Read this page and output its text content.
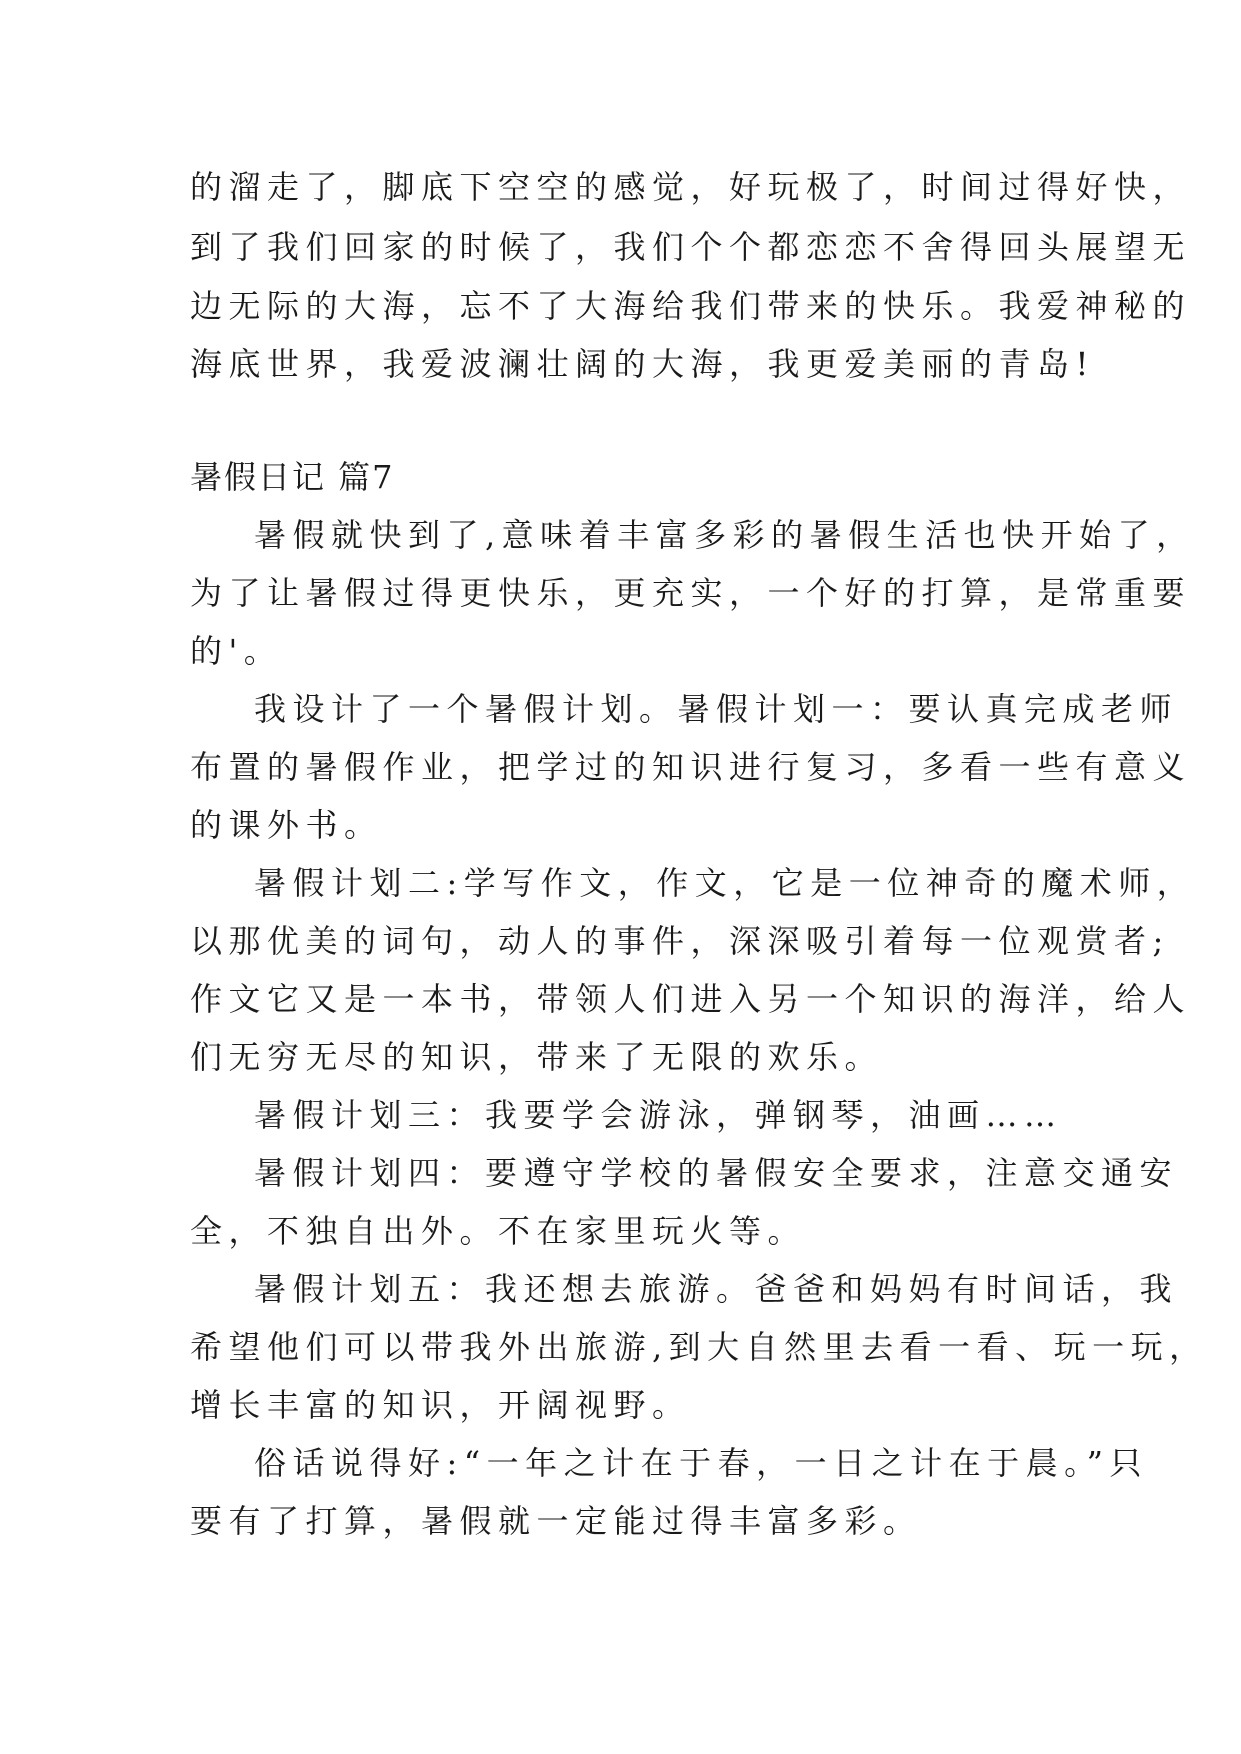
的溜走了，脚底下空空的感觉，好玩极了，时间过得好快，

到了我们回家的时候了，我们个个都恋恋不舍得回头展望无

边无际的大海，忘不了大海给我们带来的快乐。我爱神秘的

海底世界，我爱波澜壮阔的大海，我更爱美丽的青岛!

暑假日记 篇7

暑假就快到了,意味着丰富多彩的暑假生活也快开始了，

为了让暑假过得更快乐，更充实，一个好的打算，是常重要

的'。

我设计了一个暑假计划。暑假计划一：要认真完成老师

布置的暑假作业，把学过的知识进行复习，多看一些有意义

的课外书。

暑假计划二:学写作文，作文，它是一位神奇的魔术师，

以那优美的词句，动人的事件，深深吸引着每一位观赏者;

作文它又是一本书，带领人们进入另一个知识的海洋，给人

们无穷无尽的知识，带来了无限的欢乐。

暑假计划三：我要学会游泳，弹钢琴，油画……

暑假计划四：要遵守学校的暑假安全要求，注意交通安

全，不独自出外。不在家里玩火等。

暑假计划五：我还想去旅游。爸爸和妈妈有时间话，我

希望他们可以带我外出旅游,到大自然里去看一看、玩一玩，

增长丰富的知识，开阔视野。

俗话说得好:“一年之计在于春，一日之计在于晨。”只

要有了打算，暑假就一定能过得丰富多彩。
